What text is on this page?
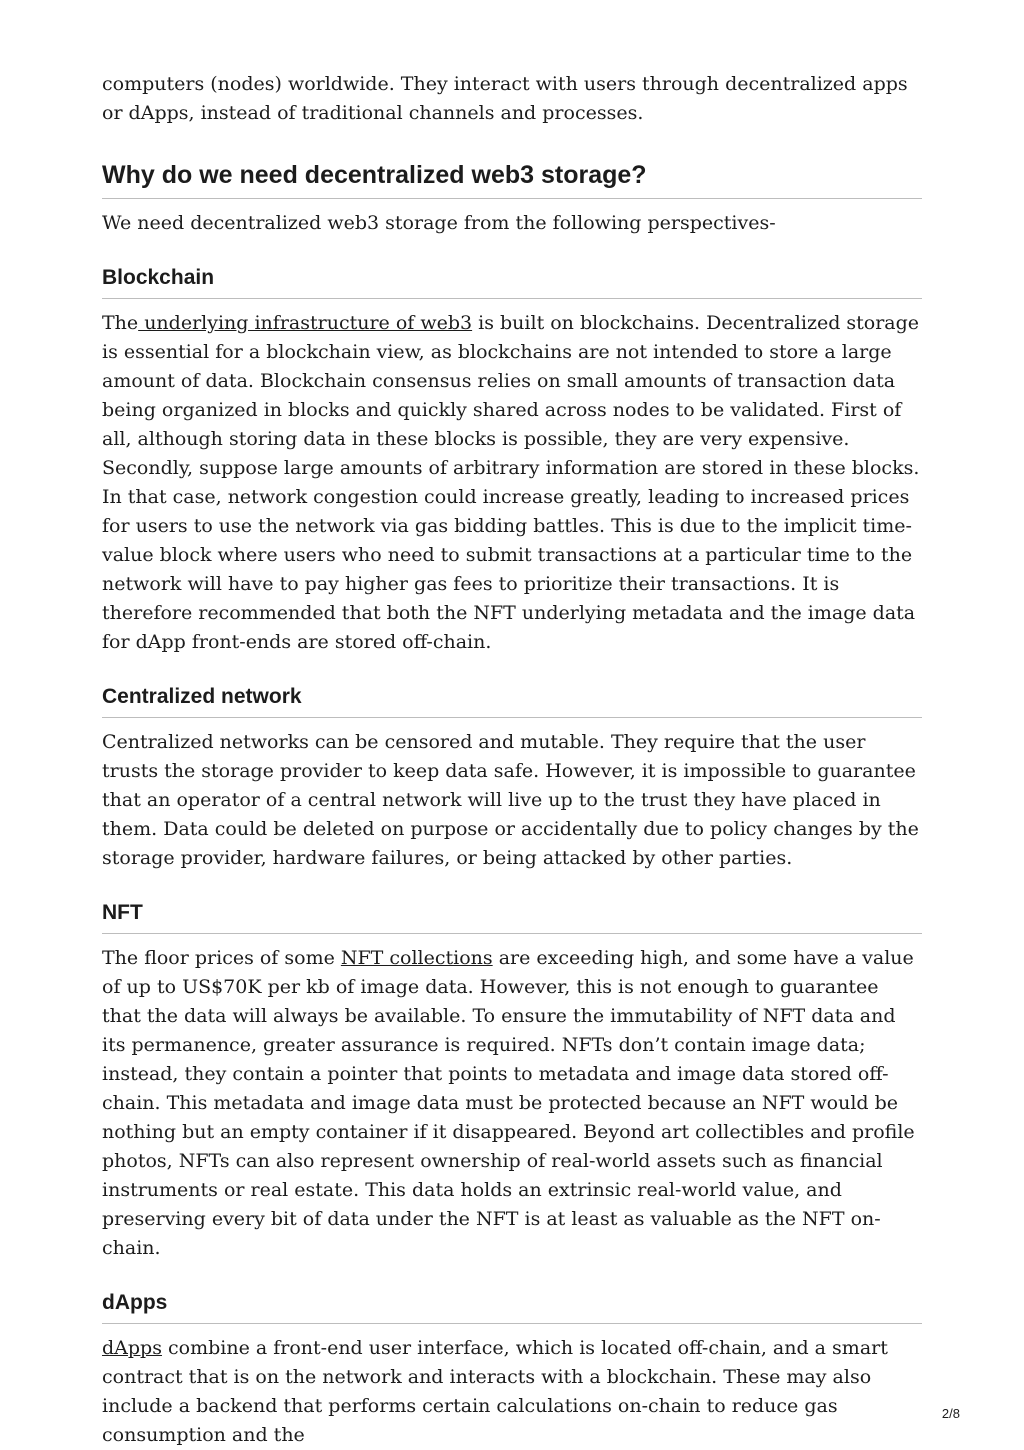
computers (nodes) worldwide. They interact with users through decentralized apps or dApps, instead of traditional channels and processes.

Why do we need decentralized web3 storage?

We need decentralized web3 storage from the following perspectives-

Blockchain

The underlying infrastructure of web3 is built on blockchains. Decentralized storage is essential for a blockchain view, as blockchains are not intended to store a large amount of data. Blockchain consensus relies on small amounts of transaction data being organized in blocks and quickly shared across nodes to be validated. First of all, although storing data in these blocks is possible, they are very expensive. Secondly, suppose large amounts of arbitrary information are stored in these blocks. In that case, network congestion could increase greatly, leading to increased prices for users to use the network via gas bidding battles. This is due to the implicit time-value block where users who need to submit transactions at a particular time to the network will have to pay higher gas fees to prioritize their transactions. It is therefore recommended that both the NFT underlying metadata and the image data for dApp front-ends are stored off-chain.

Centralized network

Centralized networks can be censored and mutable. They require that the user trusts the storage provider to keep data safe. However, it is impossible to guarantee that an operator of a central network will live up to the trust they have placed in them. Data could be deleted on purpose or accidentally due to policy changes by the storage provider, hardware failures, or being attacked by other parties.

NFT

The floor prices of some NFT collections are exceeding high, and some have a value of up to US$70K per kb of image data. However, this is not enough to guarantee that the data will always be available. To ensure the immutability of NFT data and its permanence, greater assurance is required. NFTs don’t contain image data; instead, they contain a pointer that points to metadata and image data stored off-chain. This metadata and image data must be protected because an NFT would be nothing but an empty container if it disappeared. Beyond art collectibles and profile photos, NFTs can also represent ownership of real-world assets such as financial instruments or real estate. This data holds an extrinsic real-world value, and preserving every bit of data under the NFT is at least as valuable as the NFT on-chain.

dApps

dApps combine a front-end user interface, which is located off-chain, and a smart contract that is on the network and interacts with a blockchain. These may also include a backend that performs certain calculations on-chain to reduce gas consumption and the

2/8
